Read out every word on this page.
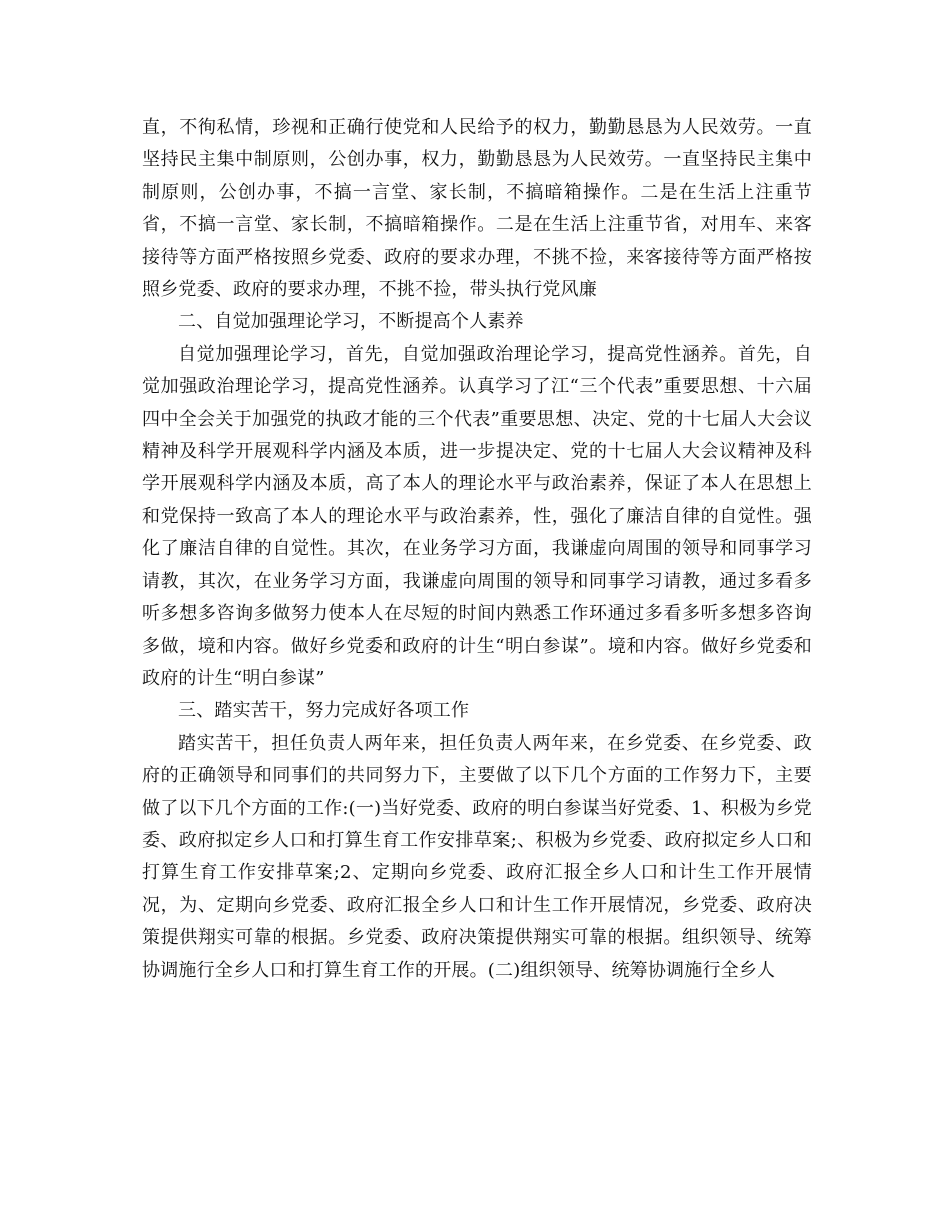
直，不徇私情，珍视和正确行使党和人民给予的权力，勤勤恳恳为人民效劳。一直坚持民主集中制原则，公创办事，权力，勤勤恳恳为人民效劳。一直坚持民主集中制原则，公创办事，不搞一言堂、家长制，不搞暗箱操作。二是在生活上注重节省，不搞一言堂、家长制，不搞暗箱操作。二是在生活上注重节省，对用车、来客接待等方面严格按照乡党委、政府的要求办理，不挑不捡，来客接待等方面严格按照乡党委、政府的要求办理，不挑不捡，带头执行党风廉

二、自觉加强理论学习，不断提高个人素养

自觉加强理论学习，首先，自觉加强政治理论学习，提高党性涵养。首先，自觉加强政治理论学习，提高党性涵养。认真学习了江“三个代表”重要思想、十六届四中全会关于加强党的执政才能的三个代表”重要思想、决定、党的十七届人大会议精神及科学开展观科学内涵及本质，进一步提决定、党的十七届人大会议精神及科学开展观科学内涵及本质，高了本人的理论水平与政治素养，保证了本人在思想上和党保持一致高了本人的理论水平与政治素养，性，强化了廉洁自律的自觉性。强化了廉洁自律的自觉性。其次，在业务学习方面，我谦虚向周围的领导和同事学习请教，其次，在业务学习方面，我谦虚向周围的领导和同事学习请教，通过多看多听多想多咨询多做努力使本人在尽短的时间内熟悉工作环通过多看多听多想多咨询多做，境和内容。做好乡党委和政府的计生“明白参谋”。境和内容。做好乡党委和政府的计生“明白参谋”

三、踏实苦干，努力完成好各项工作

踏实苦干，担任负责人两年来，担任负责人两年来，在乡党委、在乡党委、政府的正确领导和同事们的共同努力下，主要做了以下几个方面的工作努力下，主要做了以下几个方面的工作:(一)当好党委、政府的明白参谋当好党委、1、积极为乡党委、政府拟定乡人口和打算生育工作安排草案;、积极为乡党委、政府拟定乡人口和打算生育工作安排草案;2、定期向乡党委、政府汇报全乡人口和计生工作开展情况，为、定期向乡党委、政府汇报全乡人口和计生工作开展情况，乡党委、政府决策提供翔实可靠的根据。乡党委、政府决策提供翔实可靠的根据。组织领导、统筹协调施行全乡人口和打算生育工作的开展。(二)组织领导、统筹协调施行全乡人
